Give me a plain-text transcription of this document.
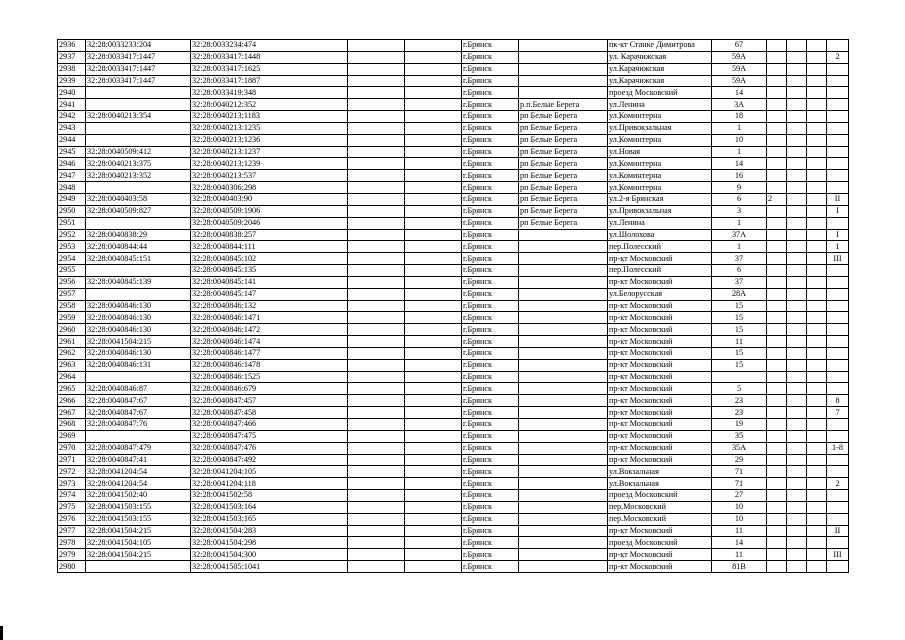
2936	32:28:0033233:204	32:28:0033234:474			г.Брянск		пк-кт Станке Димитрова	67				
2937	32:28:0033417:1447	32:28:0033417:1448			г.Брянск		ул. Карачижская	59А				2
2938	32:28:0033417:1447	32:28:0033417:1625			г.Брянск		ул.Карачижская	59А				
2939	32:28:0033417:1447	32:28:0033417:1887			г.Брянск		ул.Карачижская	59А				
2940		32:28:0033419:348			г.Брянск		проезд Московский	14				
2941		32:28:0040212:352			г.Брянск	р.п.Белые Берега	ул.Ленина	3А				
2942	32:28:0040213:354	32:28:0040213:1183			г.Брянск	рп Белые Берега	ул.Коминтерна	18				
2943		32:28:0040213:1235			г.Брянск	рп Белые Берега	ул.Привокзальная	1				
2944		32:28:0040213:1236			г.Брянск	рп Белые Берега	ул.Коминтерна	10				
2945	32:28:0040509:412	32:28:0040213:1237			г.Брянск	рп Белые Берега	ул.Новая	1				
2946	32:28:0040213:375	32:28:0040213:1239			г.Брянск	рп Белые Берега	ул.Коминтерна	14				
2947	32:28:0040213:352	32:28:0040213:537			г.Брянск	рп Белые Берега	ул.Коминтерна	16				
2948		32:28:0040306:298			г.Брянск	рп Белые Берега	ул.Коминтерна	9				
2949	32:28:0040403:58	32:28:0040403:90			г.Брянск	рп Белые Берега	ул.2-я Брянская	6	2			II
2950	32:28:0040509:827	32:28:0040509:1906			г.Брянск	рп Белые Берега	ул.Привокзальная	3				I
2951		32:28:0040509:2046			г.Брянск	рп Белые Берега	ул.Ленина	1				
2952	32:28:0040838:29	32:28:0040838:257			г.Брянск		ул.Шолохова	37А				I
2953	32:28:0040844:44	32:28:0040844:111			г.Брянск		пер.Полесский	1				1
2954	32:28:0040845:151	32:28:0040845:102			г.Брянск		пр-кт Московский	37				III
2955		32:28:0040845:135			г.Брянск		пер.Полесский	6				
2956	32:28:0040845:139	32:28:0040845:141			г.Брянск		пр-кт Московский	37				
2957		32:28:0040845:147			г.Брянск		ул.Белорусская	28А				
2958	32:28:0040846:130	32:28:0040846:132			г.Брянск		пр-кт Московский	15				
2959	32:28:0040846:130	32:28:0040846:1471			г.Брянск		пр-кт Московский	15				
2960	32:28:0040846:130	32:28:0040846:1472			г.Брянск		пр-кт Московский	15				
2961	32:28:0041504:215	32:28:0040846:1474			г.Брянск		пр-кт Московский	11				
2962	32:28:0040846:130	32:28:0040846:1477			г.Брянск		пр-кт Московский	15				
2963	32:28:0040846:131	32:28:0040846:1478			г.Брянск		пр-кт Московский	15				
2964		32:28:0040846:1525			г.Брянск		пр-кт Московский					
2965	32:28:0040846:87	32:28:0040846:679			г.Брянск		пр-кт Московский	5				
2966	32:28:0040847:67	32:28:0040847:457			г.Брянск		пр-кт Московский	23				8
2967	32:28:0040847:67	32:28:0040847:458			г.Брянск		пр-кт Московский	23				7
2968	32:28:0040847:76	32:28:0040847:466			г.Брянск		пр-кт Московский	19				
2969		32:28:0040847:475			г.Брянск		пр-кт Московский	35				
2970	32:28:0040847:479	32:28:0040847:476			г.Брянск		пр-кт Московский	35А				1-8
2971	32:28:0040847:41	32:28:0040847:492			г.Брянск		пр-кт Московский	29				
2972	32:28:0041204:54	32:28:0041204:105			г.Брянск		ул.Вокзальная	71				
2973	32:28:0041204:54	32:28:0041204:118			г.Брянск		ул.Вокзальная	71				2
2974	32:28:0041502:40	32:28:0041502:58			г.Брянск		проезд Московский	27				
2975	32:28:0041503:155	32:28:0041503:164			г.Брянск		пер.Московский	10				
2976	32:28:0041503:155	32:28:0041503:165			г.Брянск		пер.Московский	10				
2977	32:28:0041504:215	32:28:0041504:283			г.Брянск		пр-кт Московский	11				II
2978	32:28:0041504:105	32:28:0041504:298			г.Брянск		проезд Московский	14				
2979	32:28:0041504:215	32:28:0041504:300			г.Брянск		пр-кт Московский	11				III
2980		32:28:0041505:1041			г.Брянск		пр-кт Московский	81В				
